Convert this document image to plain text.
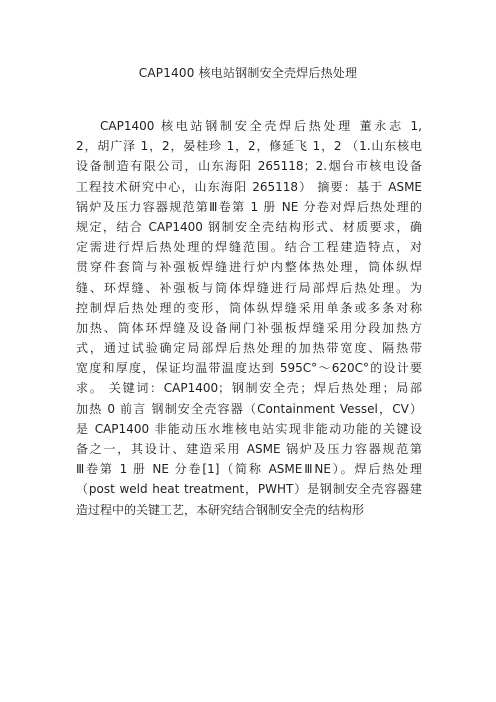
CAP1400 核电站钢制安全壳焊后热处理
CAP1400 核电站钢制安全壳焊后热处理 董永志 1,
2，胡广泽 1，2，晏桂珍 1，2，修延飞 1，2 （1.山东核电
设备制造有限公司，山东海阳 265118；2.烟台市核电设备
工程技术研究中心，山东海阳 265118） 摘要：基于 ASME
锅炉及压力容器规范第Ⅲ卷第 1 册 NE 分卷对焊后热处理的
规定，结合 CAP1400 钢制安全壳结构形式、材质要求，确
定需进行焊后热处理的焊缝范围。结合工程建造特点，对
贯穿件套筒与补强板焊缝进行炉内整体热处理，筒体纵焊
缝、环焊缝、补强板与筒体焊缝进行局部焊后热处理。为
控制焊后热处理的变形，筒体纵焊缝采用单条或多条对称
加热、筒体环焊缝及设备闸门补强板焊缝采用分段加热方
式，通过试验确定局部焊后热处理的加热带宽度、隔热带
宽度和厚度，保证均温带温度达到 595C°～620C°的设计要
求。 关键词：CAP1400；钢制安全壳；焊后热处理；局部
加热 0 前言 钢制安全壳容器（Containment Vessel，CV）
是 CAP1400 非能动压水堆核电站实现非能动功能的关键设
备之一，其设计、建造采用 ASME 锅炉及压力容器规范第
Ⅲ卷第 1 册 NE 分卷[1]（简称 ASMEⅢNE）。焊后热处理
（post weld heat treatment，PWHT）是钢制安全壳容器建
造过程中的关键工艺，本研究结合钢制安全壳的结构形
